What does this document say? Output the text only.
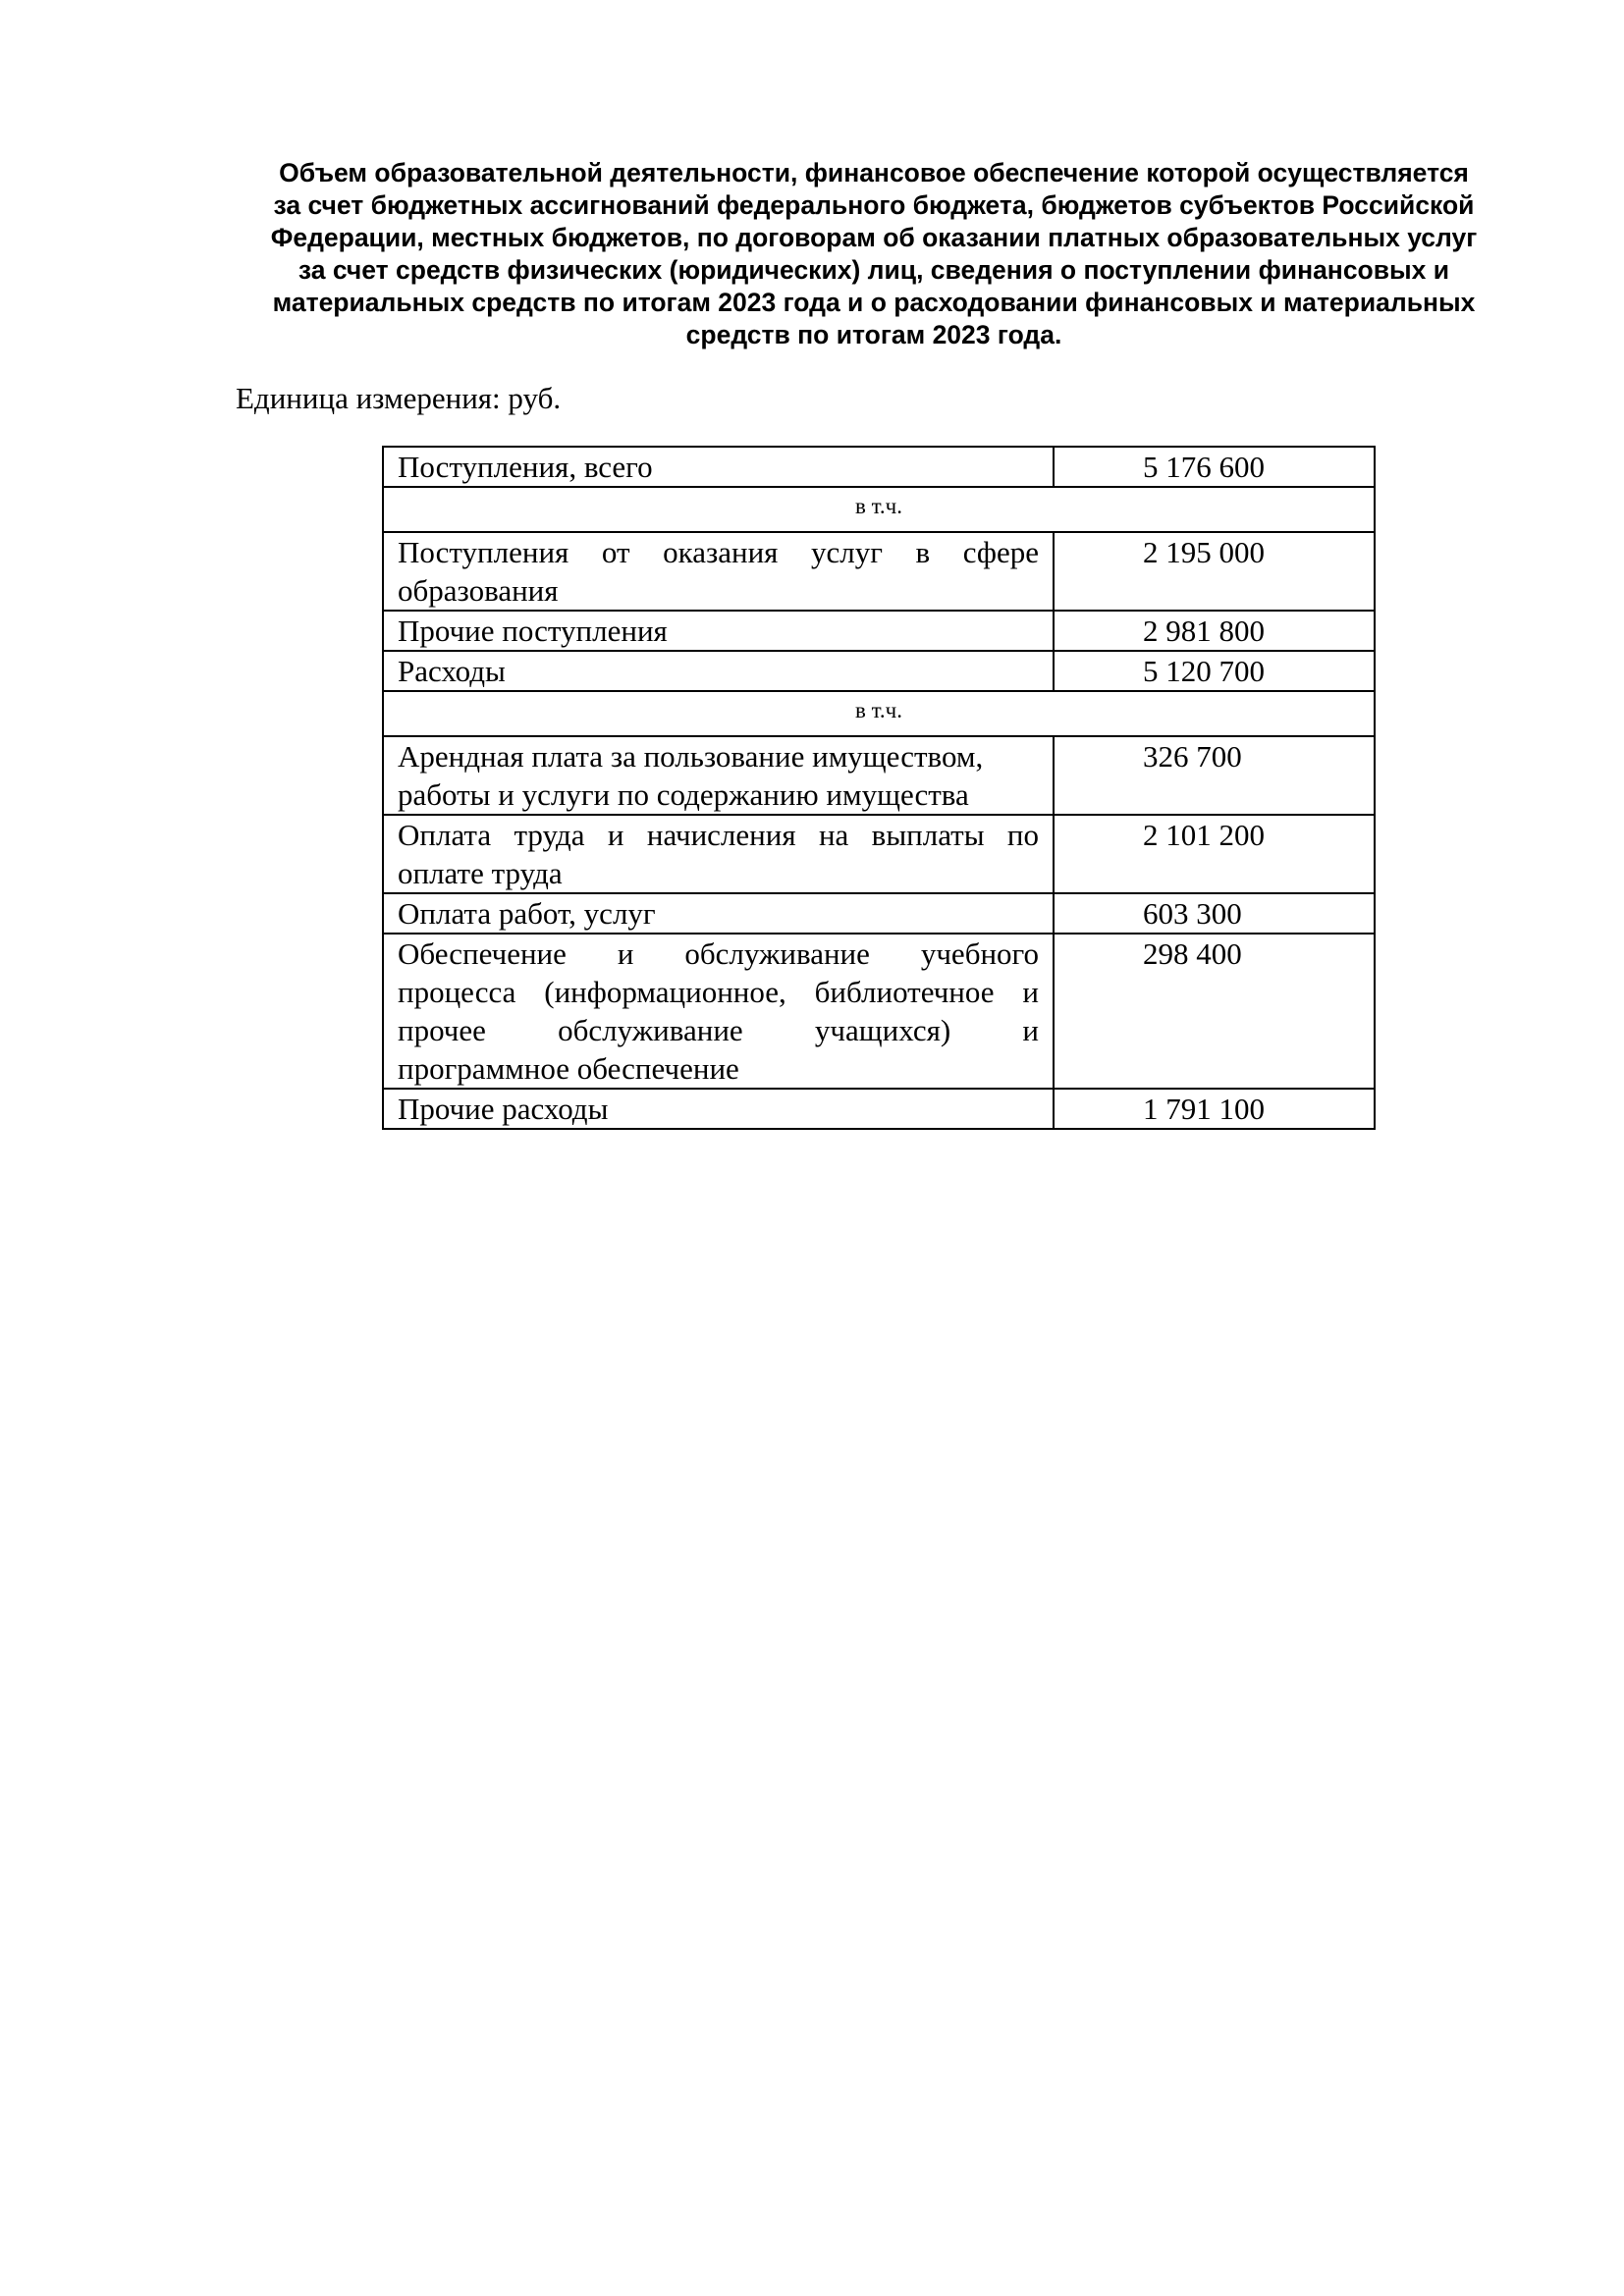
Объем образовательной деятельности, финансовое обеспечение которой осуществляется
за счет бюджетных ассигнований федерального бюджета, бюджетов субъектов Российской
Федерации, местных бюджетов, по договорам об оказании платных образовательных услуг
за счет средств физических (юридических) лиц, сведения о поступлении финансовых и
материальных средств по итогам 2023 года и о расходовании финансовых и материальных
средств по итогам 2023 года.

Единица измерения: руб.

Поступления, всего	5 176 600
в т.ч.	

Поступления от оказания услуг в сфере
образования	2 195 000

Прочие поступления	2 981 800

Расходы	5 120 700
в т.ч.	

Арендная плата за пользование имуществом,
работы и услуги по содержанию имущества	326 700

Оплата труда и начисления на выплаты по
оплате труда	2 101 200

Оплата работ, услуг	603 300

Обеспечение и обслуживание учебного
процесса (информационное, библиотечное и
прочее обслуживание учащихся) и
программное обеспечение	298 400

Прочие расходы	1 791 100
